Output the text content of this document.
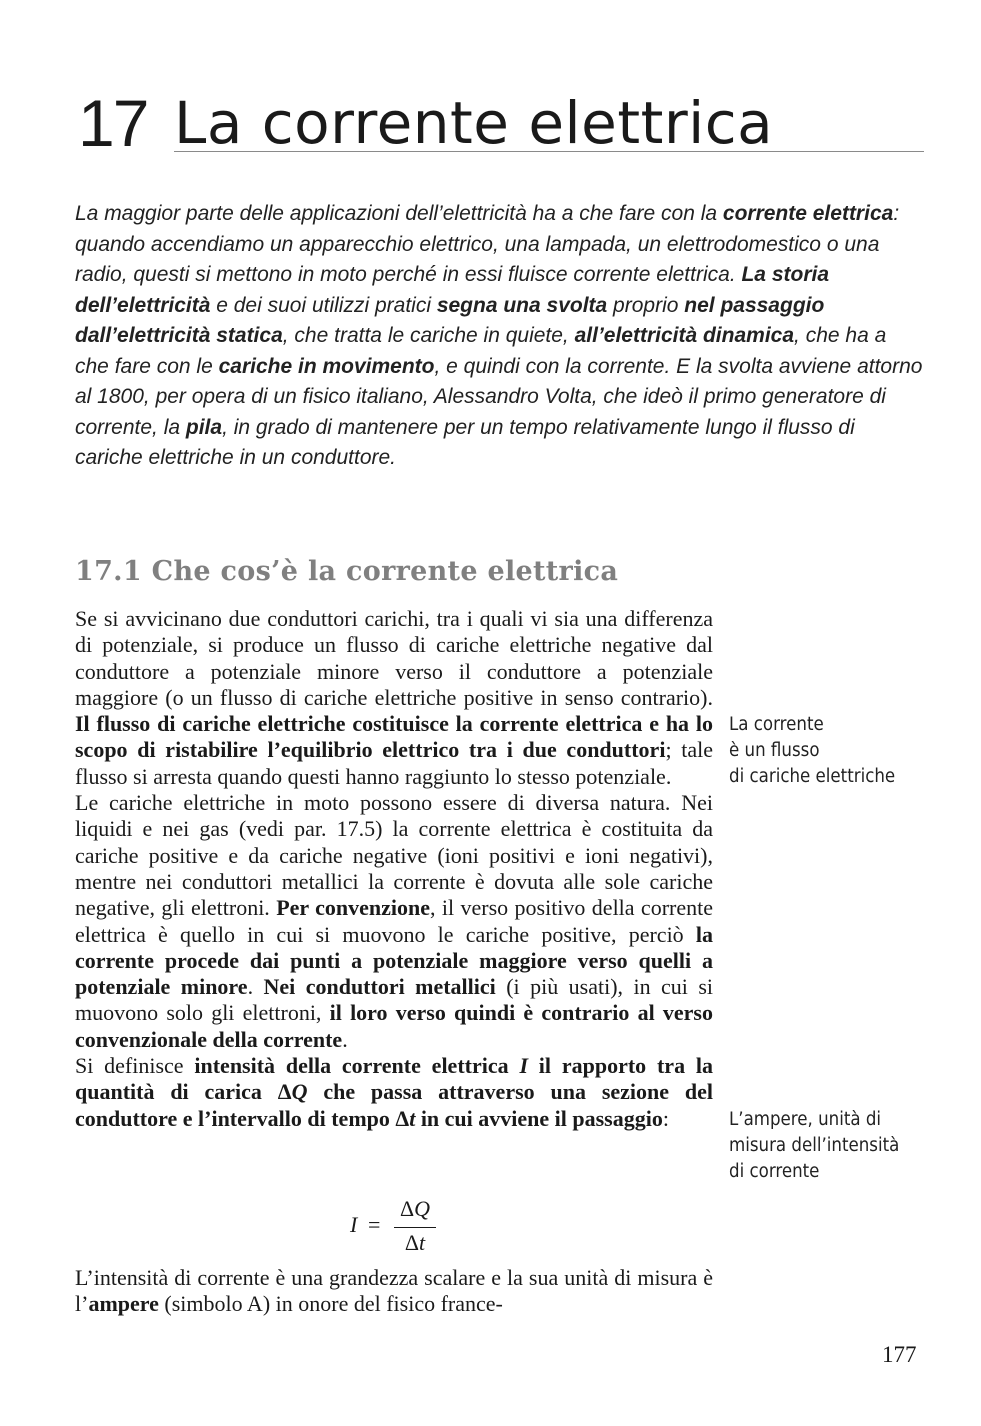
17 La corrente elettrica
La maggior parte delle applicazioni dell’elettricità ha a che fare con la corrente elettrica: quando accendiamo un apparecchio elettrico, una lampada, un elettrodomestico o una radio, questi si mettono in moto perché in essi fluisce corrente elettrica. La storia dell’elettricità e dei suoi utilizzi pratici segna una svolta proprio nel passaggio dall’elettricità statica, che tratta le cariche in quiete, all’elettricità dinamica, che ha a che fare con le cariche in movimento, e quindi con la corrente. E la svolta avviene attorno al 1800, per opera di un fisico italiano, Alessandro Volta, che ideò il primo generatore di corrente, la pila, in grado di mantenere per un tempo relativamente lungo il flusso di cariche elettriche in un conduttore.
17.1 Che cos’è la corrente elettrica

Se si avvicinano due conduttori carichi, tra i quali vi sia una differenza di potenziale, si produce un flusso di cariche elettriche negative dal conduttore a potenziale minore verso il conduttore a potenziale maggiore (o un flusso di cariche elettriche positive in senso contrario). Il flusso di cariche elettriche costituisce la corrente elettrica e ha lo scopo di ristabilire l’equilibrio elettrico tra i due conduttori; tale flusso si arresta quando questi hanno raggiunto lo stesso potenziale.

Le cariche elettriche in moto possono essere di diversa natura. Nei liquidi e nei gas (vedi par. 17.5) la corrente elettrica è costituita da cariche positive e da cariche negative (ioni positivi e ioni negativi), mentre nei conduttori metallici la corrente è dovuta alle sole cariche negative, gli elettroni. Per convenzione, il verso positivo della corrente elettrica è quello in cui si muovono le cariche positive, perciò la corrente procede dai punti a potenziale maggiore verso quelli a potenziale minore. Nei conduttori metallici (i più usati), in cui si muovono solo gli elettroni, il loro verso quindi è contrario al verso convenzionale della corrente.

Si definisce intensità della corrente elettrica I il rapporto tra la quantità di carica ΔQ che passa attraverso una sezione del conduttore e l’intervallo di tempo Δt in cui avviene il passaggio:

I =
ΔQ
Δt

L’intensità di corrente è una grandezza scalare e la sua unità di misura è l’ampere (simbolo A) in onore del fisico france-

La corrente
è un flusso
di cariche elettriche
L’ampere, unità di
misura dell’intensità
di corrente
177
